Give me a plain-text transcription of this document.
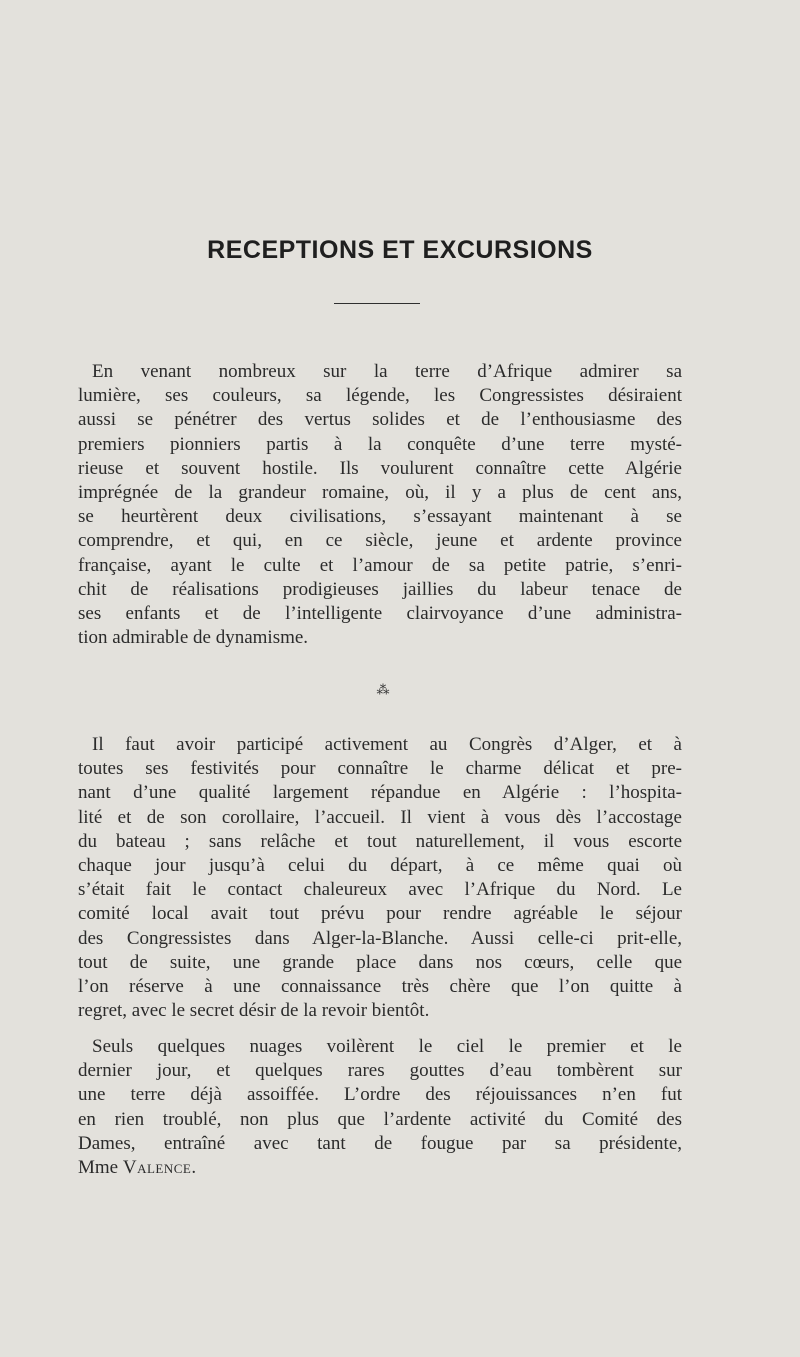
RECEPTIONS ET EXCURSIONS
En venant nombreux sur la terre d’Afrique admirer sa
lumière, ses couleurs, sa légende, les Congressistes désiraient
aussi se pénétrer des vertus solides et de l’enthousiasme des
premiers pionniers partis à la conquête d’une terre mysté-
rieuse et souvent hostile. Ils voulurent connaître cette Algérie
imprégnée de la grandeur romaine, où, il y a plus de cent ans,
se heurtèrent deux civilisations, s’essayant maintenant à se
comprendre, et qui, en ce siècle, jeune et ardente province
française, ayant le culte et l’amour de sa petite patrie, s’enri-
chit de réalisations prodigieuses jaillies du labeur tenace de
ses enfants et de l’intelligente clairvoyance d’une administra-
tion admirable de dynamisme.
⁂
Il faut avoir participé activement au Congrès d’Alger, et à
toutes ses festivités pour connaître le charme délicat et pre-
nant d’une qualité largement répandue en Algérie : l’hospita-
lité et de son corollaire, l’accueil. Il vient à vous dès l’accostage
du bateau ; sans relâche et tout naturellement, il vous escorte
chaque jour jusqu’à celui du départ, à ce même quai où
s’était fait le contact chaleureux avec l’Afrique du Nord. Le
comité local avait tout prévu pour rendre agréable le séjour
des Congressistes dans Alger-la-Blanche. Aussi celle-ci prit-elle,
tout de suite, une grande place dans nos cœurs, celle que
l’on réserve à une connaissance très chère que l’on quitte à
regret, avec le secret désir de la revoir bientôt.
Seuls quelques nuages voilèrent le ciel le premier et le
dernier jour, et quelques rares gouttes d’eau tombèrent sur
une terre déjà assoiffée. L’ordre des réjouissances n’en fut
en rien troublé, non plus que l’ardente activité du Comité des
Dames, entraîné avec tant de fougue par sa présidente,
Mme Valence.
